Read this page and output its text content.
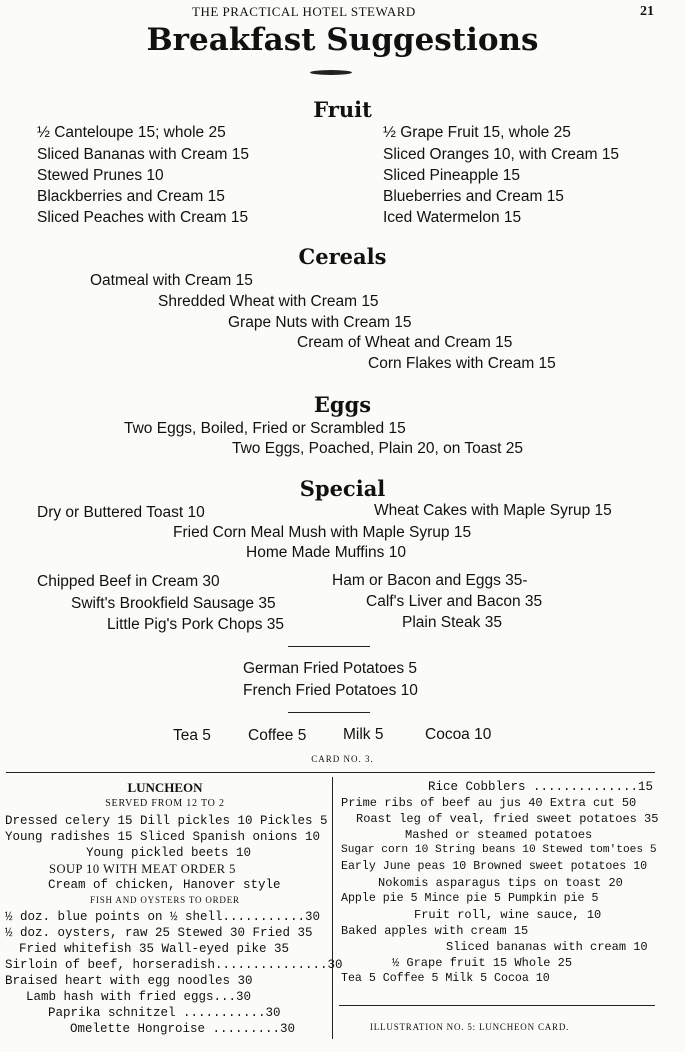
THE PRACTICAL HOTEL STEWARD	21
Breakfast Suggestions
Fruit
½ Canteloupe 15; whole 25
Sliced Bananas with Cream 15
Stewed Prunes 10
Blackberries and Cream 15
Sliced Peaches with Cream 15
½ Grape Fruit 15, whole 25
Sliced Oranges 10, with Cream 15
Sliced Pineapple 15
Blueberries and Cream 15
Iced Watermelon 15
Cereals
Oatmeal with Cream 15
Shredded Wheat with Cream 15
Grape Nuts with Cream 15
Cream of Wheat and Cream 15
Corn Flakes with Cream 15
Eggs
Two Eggs, Boiled, Fried or Scrambled 15
Two Eggs, Poached, Plain 20, on Toast 25
Special
Dry or Buttered Toast 10	Wheat Cakes with Maple Syrup 15
Fried Corn Meal Mush with Maple Syrup 15
Home Made Muffins 10
Chipped Beef in Cream 30
Swift's Brookfield Sausage 35
Little Pig's Pork Chops 35
Ham or Bacon and Eggs 35-
Calf's Liver and Bacon 35
Plain Steak 35
German Fried Potatoes 5
French Fried Potatoes 10
Tea 5 Coffee 5 Milk 5	Cocoa 10
CARD NO. 3.
LUNCHEON
SERVED FROM 12 TO 2
Dressed celery 15 Dill pickles 10 Pickles 5
Young radishes 15 Sliced Spanish onions 10
Young pickled beets 10
SOUP 10 WITH MEAT ORDER 5
Cream of chicken, Hanover style
FISH AND OYSTERS TO ORDER
½ doz. blue points on ½ shell...........30
½ doz. oysters, raw 25 Stewed 30 Fried 35
Fried whitefish 35 Wall-eyed pike 35
Sirloin of beef, horseradish...............30
Braised heart with egg noodles 30
Lamb hash with fried eggs...30
Paprika schnitzel ...........30
Omelette Hongroise .........30
Rice Cobblers ..............15
Prime ribs of beef au jus 40 Extra cut 50
Roast leg of veal, fried sweet potatoes 35
Mashed or steamed potatoes
Sugar corn 10 String beans 10 Stewed tom'toes 5
Early June peas 10 Browned sweet potatoes 10
Nokomis asparagus tips on toast 20
Apple pie 5 Mince pie 5 Pumpkin pie 5
Fruit roll, wine sauce, 10
Baked apples with cream 15
Sliced bananas with cream 10
½ Grape fruit 15 Whole 25
Tea 5 Coffee 5 Milk 5 Cocoa 10
ILLUSTRATION NO. 5: LUNCHEON CARD.
